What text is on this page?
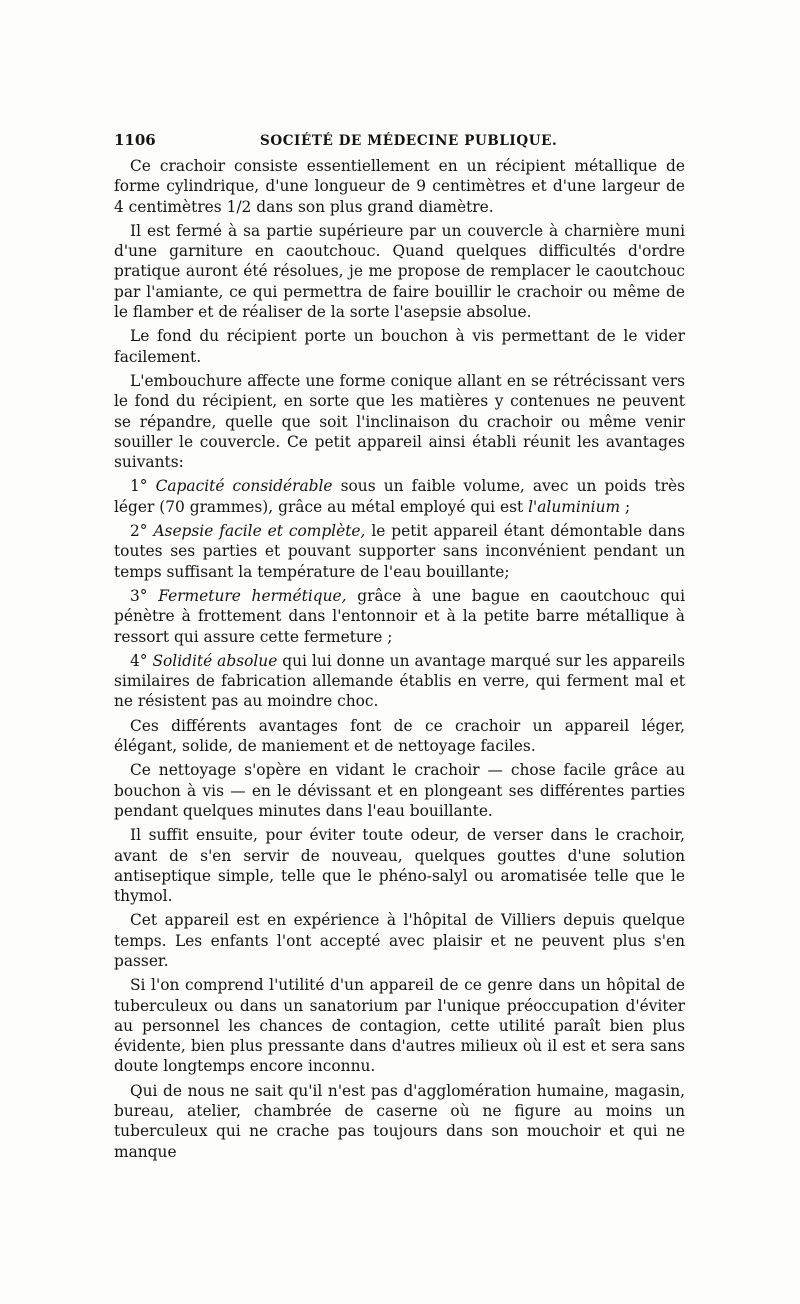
1106	SOCIÉTÉ DE MÉDECINE PUBLIQUE.

Ce crachoir consiste essentiellement en un récipient métallique de forme cylindrique, d'une longueur de 9 centimètres et d'une largeur de 4 centimètres 1/2 dans son plus grand diamètre.

Il est fermé à sa partie supérieure par un couvercle à charnière muni d'une garniture en caoutchouc. Quand quelques difficultés d'ordre pratique auront été résolues, je me propose de remplacer le caoutchouc par l'amiante, ce qui permettra de faire bouillir le crachoir ou même de le flamber et de réaliser de la sorte l'asepsie absolue.

Le fond du récipient porte un bouchon à vis permettant de le vider facilement.

L'embouchure affecte une forme conique allant en se rétrécissant vers le fond du récipient, en sorte que les matières y contenues ne peuvent se répandre, quelle que soit l'inclinaison du crachoir ou même venir souiller le couvercle. Ce petit appareil ainsi établi réunit les avantages suivants:

1° Capacité considérable sous un faible volume, avec un poids très léger (70 grammes), grâce au métal employé qui est l'aluminium ;

2° Asepsie facile et complète, le petit appareil étant démontable dans toutes ses parties et pouvant supporter sans inconvénient pendant un temps suffisant la température de l'eau bouillante;

3° Fermeture hermétique, grâce à une bague en caoutchouc qui pénètre à frottement dans l'entonnoir et à la petite barre métallique à ressort qui assure cette fermeture ;

4° Solidité absolue qui lui donne un avantage marqué sur les appareils similaires de fabrication allemande établis en verre, qui ferment mal et ne résistent pas au moindre choc.

Ces différents avantages font de ce crachoir un appareil léger, élégant, solide, de maniement et de nettoyage faciles.

Ce nettoyage s'opère en vidant le crachoir — chose facile grâce au bouchon à vis — en le dévissant et en plongeant ses différentes parties pendant quelques minutes dans l'eau bouillante.

Il suffit ensuite, pour éviter toute odeur, de verser dans le crachoir, avant de s'en servir de nouveau, quelques gouttes d'une solution antiseptique simple, telle que le phéno-salyl ou aromatisée telle que le thymol.

Cet appareil est en expérience à l'hôpital de Villiers depuis quelque temps. Les enfants l'ont accepté avec plaisir et ne peuvent plus s'en passer.

Si l'on comprend l'utilité d'un appareil de ce genre dans un hôpital de tuberculeux ou dans un sanatorium par l'unique préoccupation d'éviter au personnel les chances de contagion, cette utilité paraît bien plus évidente, bien plus pressante dans d'autres milieux où il est et sera sans doute longtemps encore inconnu.

Qui de nous ne sait qu'il n'est pas d'agglomération humaine, magasin, bureau, atelier, chambrée de caserne où ne figure au moins un tuberculeux qui ne crache pas toujours dans son mouchoir et qui ne manque
